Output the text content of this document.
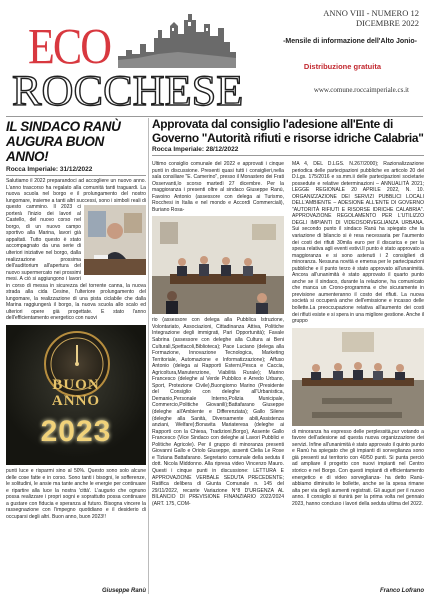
ECO
ROCCHESE
ANNO VIII - NUMERO 12
DICEMBRE 2022
-Mensile di informazione dell'Alto Jonio-
Distribuzione gratuita
www.comune.roccaimperiale.cs.it
IL SINDACO RANÙ AUGURA BUON ANNO!
Rocca Imperiale: 31/12/2022
Salutiamo il 2022 preparandoci ad accogliere un nuovo anno. L'anno trascorso ha regalato alla comunità tanti traguardi. La nuova scuola nel borgo e il prolungamento del nostro lungomare, insieme a tanti altri successi, sono i simboli reali di questo cammino. Il 2023 ci porterà l'inizio dei lavori al Castello, del nuovo corso nel borgo, di un nuovo campo sportivo alla Marina, lavori già appaltati. Tutto questo è stato accompagnato da una serie di ulteriori iniziative nel borgo, dalla realizzazione prossima dell'auditorium all'apertura del nuovo supermercato nei prossimi mesi. A ciò si aggiungono i lavori in corso di messa in sicurezza del torrente canna, la nuova strada alla cida Cesine, l'ulteriore prolungamento del lungomare, la realizzazione di una pista ciclabile che dalla Marina raggiungerà il borgo, la nuova scuola allo scalo ed ulteriori opere già progettate. E stato l'anno dell'efficientamento energetico con nuovi
BUON
ANNO
2023
punti luce e risparmi sino al 50%. Questo sono solo alcune delle cose fatte e in corso. Sono tanti i bisogni, le sofferenze, le solitudini, le ansie ma tante anche le energie per continuare e ripartire alla luce la nostra 'città'. L'augurio che ognuno possa realizzare i propri sogni e soprattutto possa continuare a gustare con fiducia e speranza al futuro. Bisogna vincere la rassegnazione con l'impegno quotidiano e il desiderio di occuparsi degli altri. Buon anno, buon 2023!!
Giuseppe Ranù
Approvata dal consiglio l'adesione all'Ente di Governo "Autorità rifiuti e risorse idriche Calabria"
Rocca Imperiale: 28/12/2022

Ultimo consiglio comunale del 2022 e approvati i cinque punti in discussione. Presenti quasi tutti i consiglieri,nella sala consiliare "E. Camerino", presso il Monastero dei Frati Osservanti,lo scorso martedì 27 dicembre. Per la maggioranza i presenti oltre al sindaco Giuseppe Ranù, Favoino Antonio (assessore con delega ai Turismo, Rocchesi in Italia e nel mondo e Accordi Commerciali), Buriano Rosa-

rio (assessore con delega alla Pubblica Istruzione, Volontariato, Associazioni, Cittadinanza Attiva, Politiche Integrazione degli immigrati, Pari Opportunità); Favale Sabrina (assessore con deleghe alla Cultura ai Beni Culturali,Spettacoli,Biblioteca); Pace Luciano (delega alla Formazione, Innovazione Tecnologica, Marketing Territoriale, Automazione e Informatizzazione); Affuso Antonio (delega ai Rapporti Esterni,Pesca e Caccia, Agricoltura,Manutenzione, Viabilità Rurale); Marino Francesco (deleghe al Verde Pubblico e Arredo Urbano, Sport, Protezione Civile),Buongiorno Marino (Presidente del Consiglio con deleghe all'Urbanistica, Demanio,Personale Interno,Polizia Municipale, Commercio,Politiche Giovanili);Battafarano Giuseppe (deleghe all'Ambiente e Differenziata); Gallo Silene (deleghe alla Sanità, Diversamente abili,Assistenza anziani, Welfare);Bonavita Mariateresa (deleghe ai Rapporti con la Chiesa, Tradizioni,Borgo), Assente Gallo Francesco (Vice Sindaco con deleghe ai Lavori Pubblici e Politiche Agricole). Per il gruppo di minoranza presenti Giovanni Gallo e Oriolo Giuseppe, assenti Clelia Le Rose e Tiziana Battafarano. Segretario comunale della seduta il dott. Nicola Middonno. Alla ripresa video Vincenzo Mauro. Questi i cinque punti in discussione: LETTURA E APPROVAZIONE VERBALE SEDUTA PRECEDENTE; Ratifica delibera di Giunta Comunale n. 145 del 29/11/2022, recante Variazione N°8 D'URGENZA AL BILANCIO DI PREVISIONE FINANZIARIO 2022/2024 (ART. 175, COM-

MA 4, DEL D.LGS. N.267/2000); Razionalizzazione periodica delle partecipazioni pubbliche ex articolo 20 del D.Lgs. 175/2016 e ss.mm.ii delle partecipazioni societarie possedute e relative determinazioni – ANNUALITÀ 2021; LEGGE REGIONALE 20 APRILE 2022, N. 10. ORGANIZZAZIONE DEI SERVIZI PUBBLICI LOCALI DELL'AMBIENTE – ADESIONE ALL'ENTE DI GOVERNO "AUTORITÀ RIFIUTI E RISORSE IDRICHE CALABRIA". APPROVAZIONE REGOLAMENTO PER L'UTILIZZO DEGLI IMPIANTI DI VIDEOSORVEGLIANZA URBANA. Sui secondo punto il sindaco Ranù ha spiegato che la variazione di bilancio si è resa necessaria per l'aumento dei costi dei rifiuti 30mila euro per il discarica e per la spesa relativa agli eventi estivi.Il punto è stato approvato a maggioranza e si sono astenuti i 2 consiglieri di minoranza. Nessuna novità e emersa per le partecipazioni pubbliche e il punto terzo è stato approvato all'unanimità. Ancora all'unanimità è stato approvato il quarto punto anche se il sindaco, durante la relazione, ha comunicato che manca un Crono-programma e che sicuramente in previsione aumenteranno il costo dei rifiuti. La nuova società si occuperà anche dell'emissione e incasso delle bollette.La preoccupazione relativa all'aumento dei costi dei rifiuti esiste e si spera in una migliore gestione. Anche il gruppo

di minoranza ha espresso delle perplessità,pur votando a favore dell'adesione ad questa nuova organizzazione dei servizi. Infine all'unanimità è stato approvato il quinto punto e Ranù ha spiegato che gli impianti di sorveglianza sono già presenti sul territorio con 40/50 punti. Si punta perciò ad ampliare il progetto con nuovi impianti nel Centro storico e nel Borgo. Con questi impianti di efficientamento energetico e di video sorveglianza- ha detto Ranù-abbiamo diminuito le bollette, anche se la spesa rimane alta per via degli aumenti registrati. Gli auguri per il nuovo anno. Il consiglio si riunirà per la prima volta nel gennaio 2023, hanno concluso i lavori della seduta ultima del 2022.

Franco Lofrano
